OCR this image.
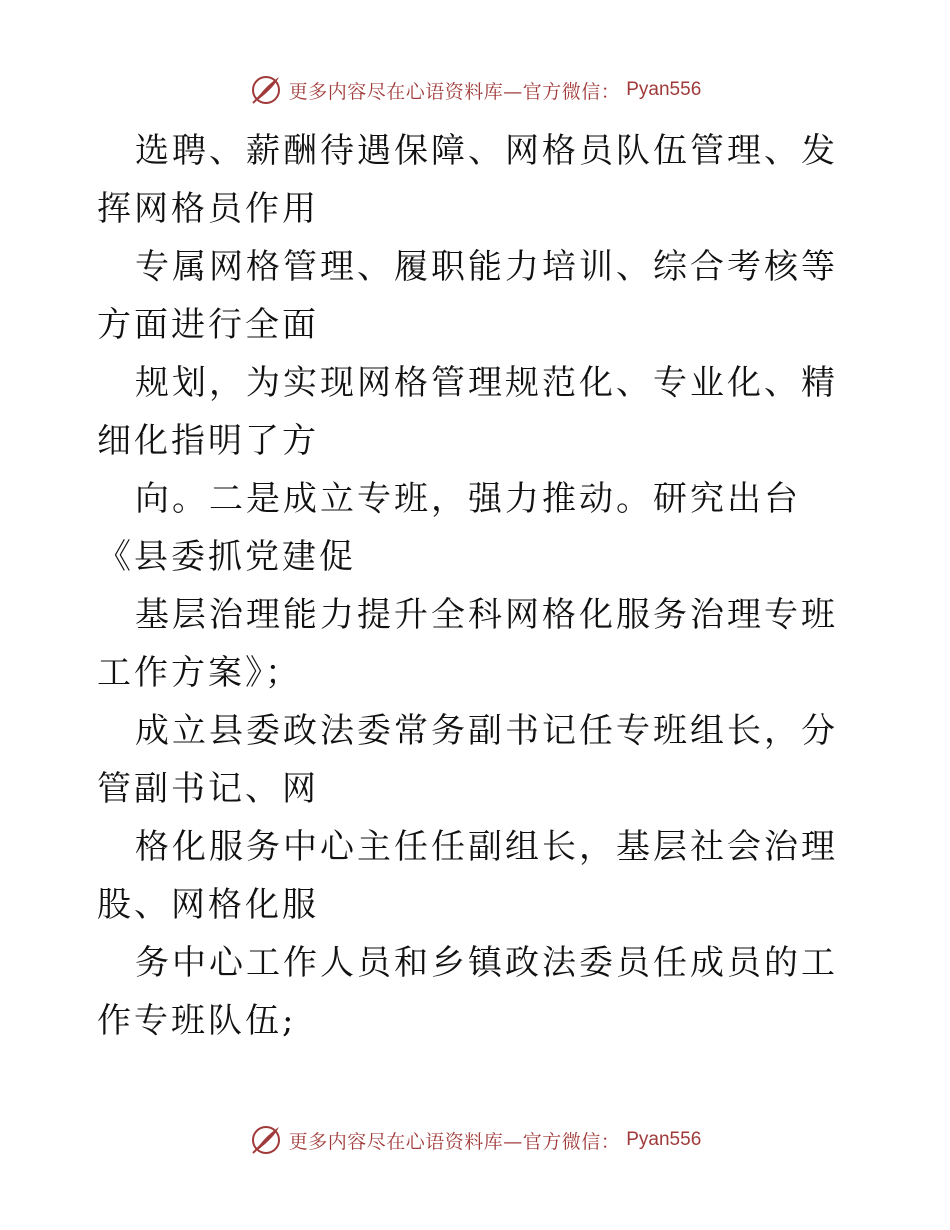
更多内容尽在心语资料库—官方微信： Pyan556

选聘、薪酬待遇保障、网格员队伍管理、发挥网格员作用

专属网格管理、履职能力培训、综合考核等方面进行全面

规划，为实现网格管理规范化、专业化、精细化指明了方

向。二是成立专班，强力推动。研究出台《县委抓党建促

基层治理能力提升全科网格化服务治理专班工作方案》；

成立县委政法委常务副书记任专班组长，分管副书记、网

格化服务中心主任任副组长，基层社会治理股、网格化服

务中心工作人员和乡镇政法委员任成员的工作专班队伍;

更多内容尽在心语资料库—官方微信： Pyan556
